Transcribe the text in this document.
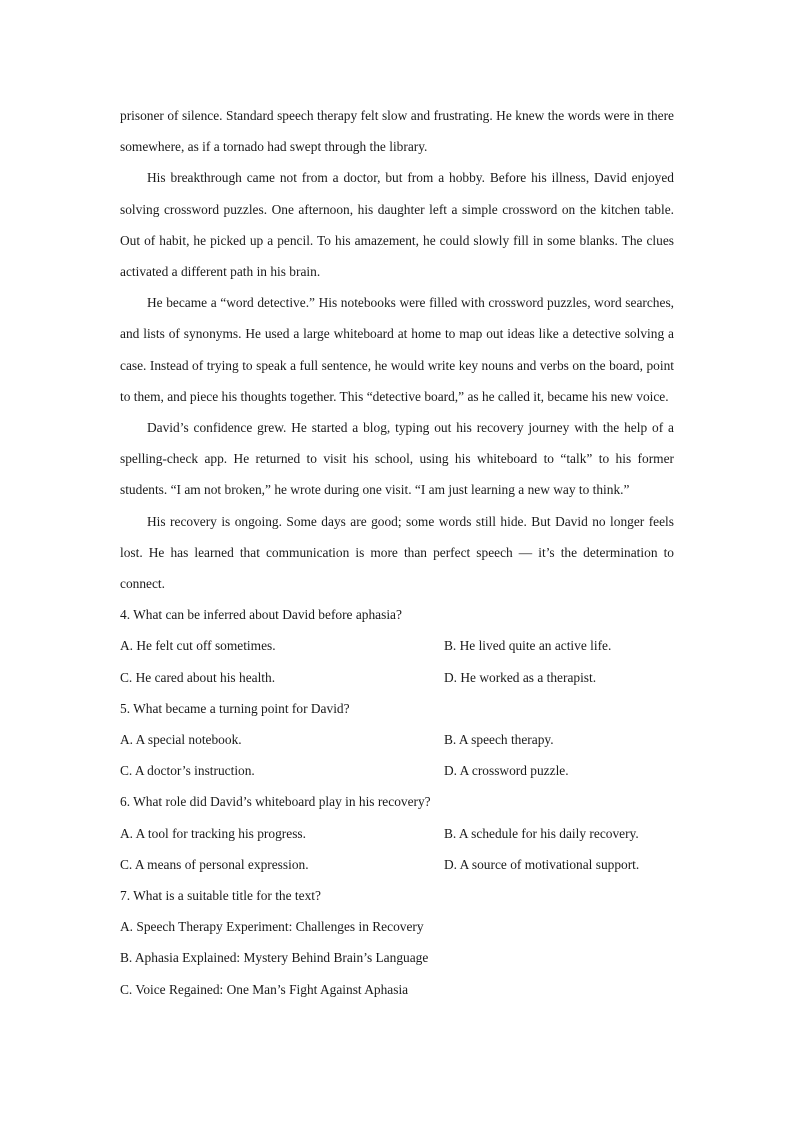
prisoner of silence. Standard speech therapy felt slow and frustrating. He knew the words were in there somewhere, as if a tornado had swept through the library.

His breakthrough came not from a doctor, but from a hobby. Before his illness, David enjoyed solving crossword puzzles. One afternoon, his daughter left a simple crossword on the kitchen table. Out of habit, he picked up a pencil. To his amazement, he could slowly fill in some blanks. The clues activated a different path in his brain.

He became a “word detective.” His notebooks were filled with crossword puzzles, word searches, and lists of synonyms. He used a large whiteboard at home to map out ideas like a detective solving a case. Instead of trying to speak a full sentence, he would write key nouns and verbs on the board, point to them, and piece his thoughts together. This “detective board,” as he called it, became his new voice.

David’s confidence grew. He started a blog, typing out his recovery journey with the help of a spelling-check app. He returned to visit his school, using his whiteboard to “talk” to his former students. “I am not broken,” he wrote during one visit. “I am just learning a new way to think.”

His recovery is ongoing. Some days are good; some words still hide. But David no longer feels lost. He has learned that communication is more than perfect speech — it’s the determination to connect.

4. What can be inferred about David before aphasia?
A. He felt cut off sometimes.	B. He lived quite an active life.
C. He cared about his health.	D. He worked as a therapist.
5. What became a turning point for David?
A. A special notebook.	B. A speech therapy.
C. A doctor’s instruction.	D. A crossword puzzle.
6. What role did David’s whiteboard play in his recovery?
A. A tool for tracking his progress.	B. A schedule for his daily recovery.
C. A means of personal expression.	D. A source of motivational support.
7. What is a suitable title for the text?
A. Speech Therapy Experiment: Challenges in Recovery
B. Aphasia Explained: Mystery Behind Brain’s Language
C. Voice Regained: One Man’s Fight Against Aphasia
